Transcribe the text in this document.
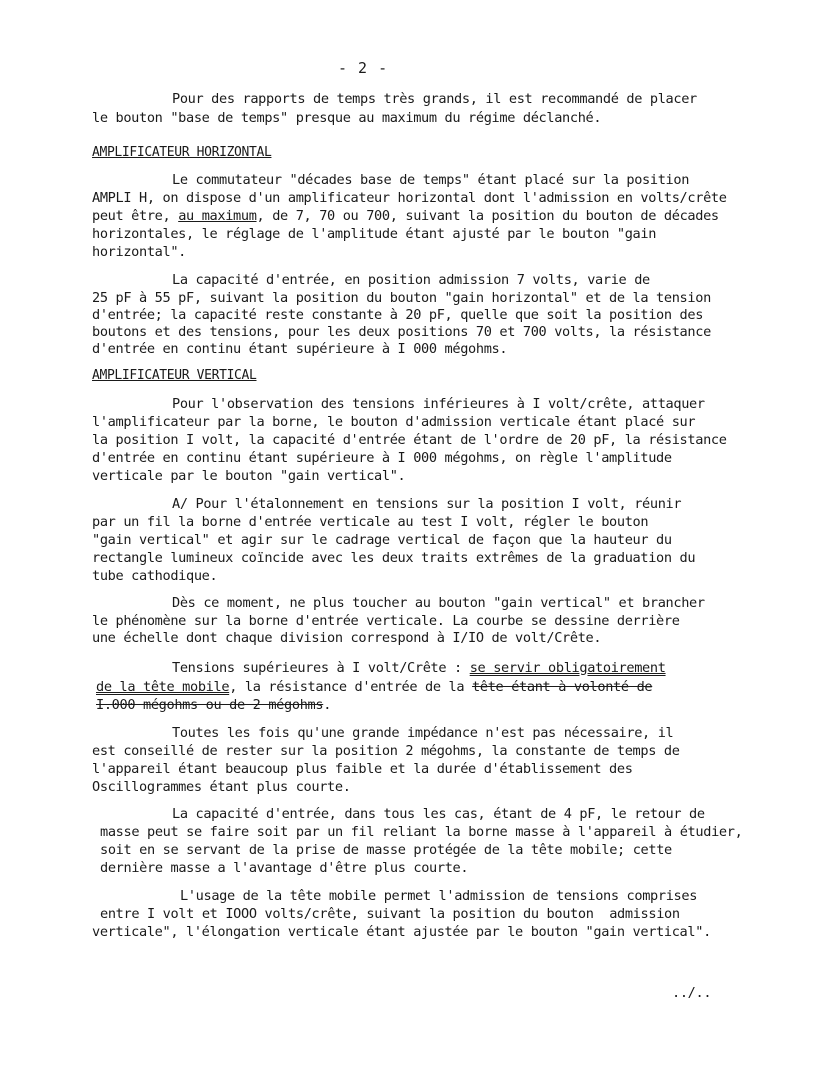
- 2 -
Pour des rapports de temps très grands, il est recommandé de placer
le bouton "base de temps" presque au maximum du régime déclanché.
AMPLIFICATEUR HORIZONTAL
Le commutateur "décades base de temps" étant placé sur la position
AMPLI H, on dispose d'un amplificateur horizontal dont l'admission en volts/crête
peut être, au maximum, de 7, 70 ou 700, suivant la position du bouton de décades
horizontales, le réglage de l'amplitude étant ajusté par le bouton "gain
horizontal".
La capacité d'entrée, en position admission 7 volts, varie de
25 pF à 55 pF, suivant la position du bouton "gain horizontal" et de la tension
d'entrée; la capacité reste constante à 20 pF, quelle que soit la position des
boutons et des tensions, pour les deux positions 70 et 700 volts, la résistance
d'entrée en continu étant supérieure à I 000 mégohms.
AMPLIFICATEUR VERTICAL
Pour l'observation des tensions inférieures à I volt/crête, attaquer
l'amplificateur par la borne, le bouton d'admission verticale étant placé sur
la position I volt, la capacité d'entrée étant de l'ordre de 20 pF, la résistance
d'entrée en continu étant supérieure à I 000 mégohms, on règle l'amplitude
verticale par le bouton "gain vertical".
A/ Pour l'étalonnement en tensions sur la position I volt, réunir
par un fil la borne d'entrée verticale au test I volt, régler le bouton
"gain vertical" et agir sur le cadrage vertical de façon que la hauteur du
rectangle lumineux coïncide avec les deux traits extrêmes de la graduation du
tube cathodique.
Dès ce moment, ne plus toucher au bouton "gain vertical" et brancher
le phénomène sur la borne d'entrée verticale. La courbe se dessine derrière
une échelle dont chaque division correspond à I/IO de volt/Crête.
Tensions supérieures à I volt/Crête : se servir obligatoirement
de la tête mobile, la résistance d'entrée de la tête étant à volonté de
I.000 mégohms ou de 2 mégohms.
Toutes les fois qu'une grande impédance n'est pas nécessaire, il
est conseillé de rester sur la position 2 mégohms, la constante de temps de
l'appareil étant beaucoup plus faible et la durée d'établissement des
Oscillogrammes étant plus courte.
La capacité d'entrée, dans tous les cas, étant de 4 pF, le retour de
masse peut se faire soit par un fil reliant la borne masse à l'appareil à étudier,
soit en se servant de la prise de masse protégée de la tête mobile; cette
dernière masse a l'avantage d'être plus courte.
L'usage de la tête mobile permet l'admission de tensions comprises
entre I volt et IOOO volts/crête, suivant la position du bouton  admission
verticale", l'élongation verticale étant ajustée par le bouton "gain vertical".
../..
